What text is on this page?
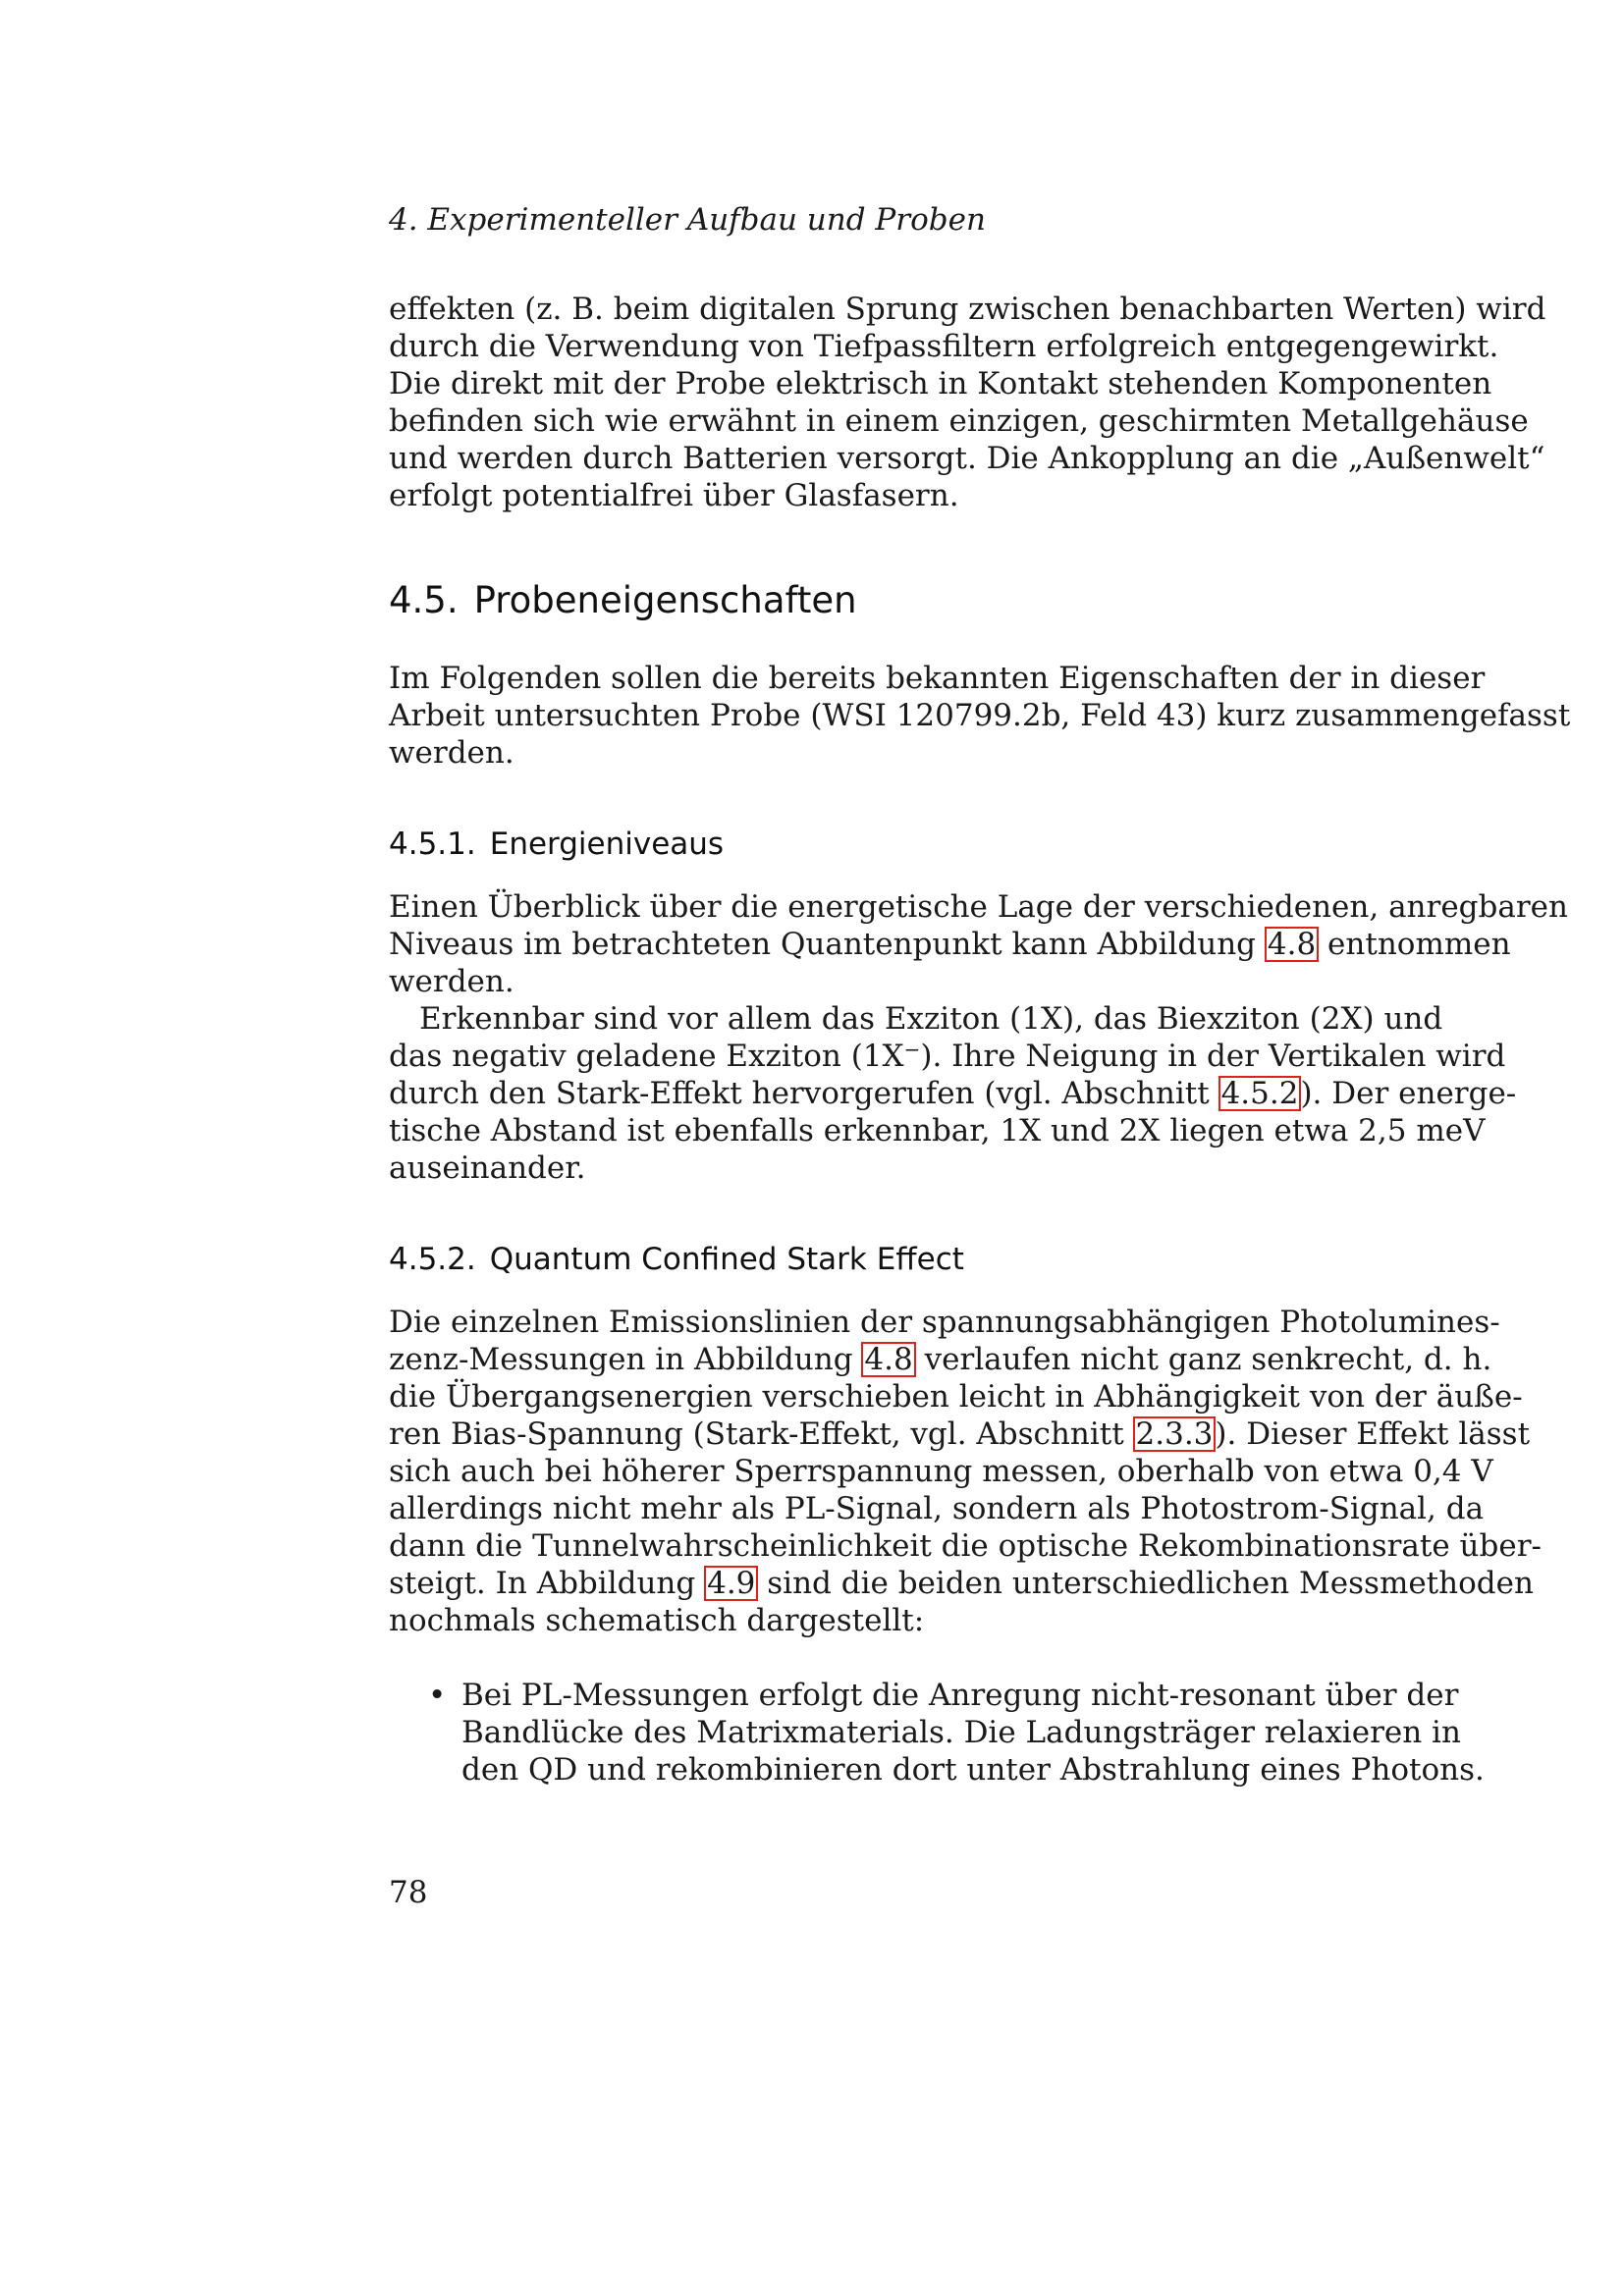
4. Experimenteller Aufbau und Proben
effekten (z. B. beim digitalen Sprung zwischen benachbarten Werten) wird
durch die Verwendung von Tiefpassfiltern erfolgreich entgegengewirkt.
Die direkt mit der Probe elektrisch in Kontakt stehenden Komponenten
befinden sich wie erwähnt in einem einzigen, geschirmten Metallgehäuse
und werden durch Batterien versorgt. Die Ankopplung an die „Außenwelt“
erfolgt potentialfrei über Glasfasern.
4.5. Probeneigenschaften
Im Folgenden sollen die bereits bekannten Eigenschaften der in dieser
Arbeit untersuchten Probe (WSI 120799.2b, Feld 43) kurz zusammengefasst
werden.
4.5.1. Energieniveaus
Einen Überblick über die energetische Lage der verschiedenen, anregbaren
Niveaus im betrachteten Quantenpunkt kann Abbildung 4.8 entnommen
werden.
Erkennbar sind vor allem das Exziton (1X), das Biexziton (2X) und
das negativ geladene Exziton (1X−). Ihre Neigung in der Vertikalen wird
durch den Stark-Effekt hervorgerufen (vgl. Abschnitt 4.5.2). Der energe-
tische Abstand ist ebenfalls erkennbar, 1X und 2X liegen etwa 2,5 meV
auseinander.
4.5.2. Quantum Confined Stark Effect
Die einzelnen Emissionslinien der spannungsabhängigen Photolumines-
zenz-Messungen in Abbildung 4.8 verlaufen nicht ganz senkrecht, d. h.
die Übergangsenergien verschieben leicht in Abhängigkeit von der äuße-
ren Bias-Spannung (Stark-Effekt, vgl. Abschnitt 2.3.3). Dieser Effekt lässt
sich auch bei höherer Sperrspannung messen, oberhalb von etwa 0,4 V
allerdings nicht mehr als PL-Signal, sondern als Photostrom-Signal, da
dann die Tunnelwahrscheinlichkeit die optische Rekombinationsrate über-
steigt. In Abbildung 4.9 sind die beiden unterschiedlichen Messmethoden
nochmals schematisch dargestellt:
• Bei PL-Messungen erfolgt die Anregung nicht-resonant über der
Bandlücke des Matrixmaterials. Die Ladungsträger relaxieren in
den QD und rekombinieren dort unter Abstrahlung eines Photons.
78
